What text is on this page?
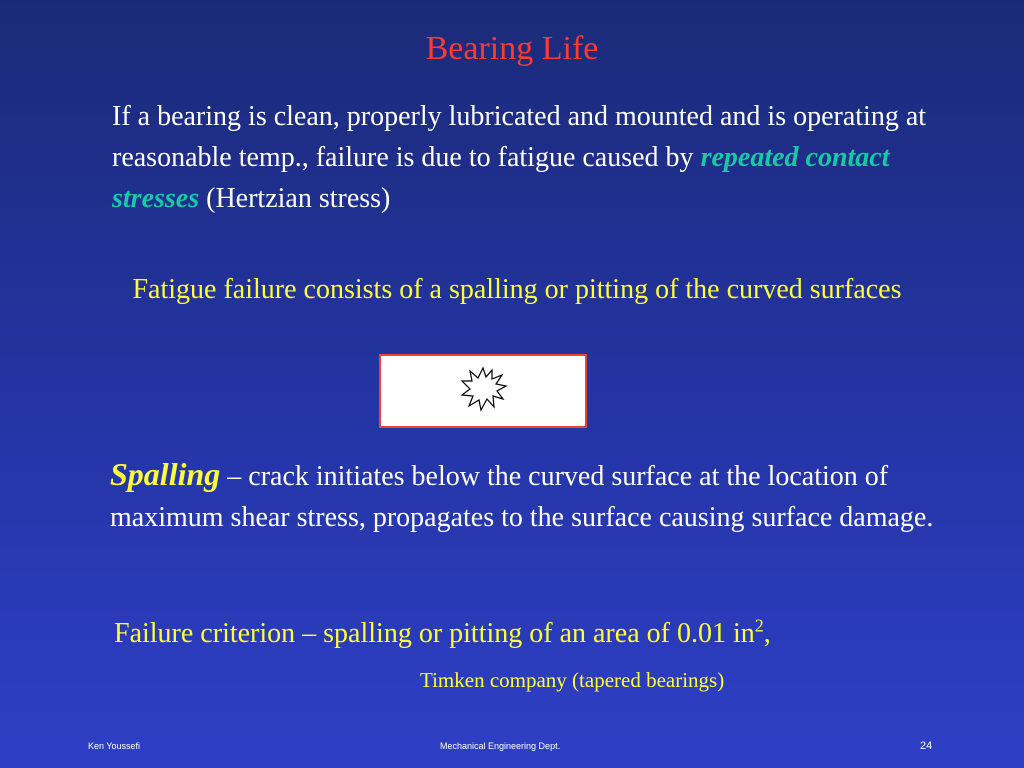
Bearing Life
If a bearing is clean, properly lubricated and mounted and is operating at reasonable temp., failure is due to fatigue caused by repeated contact stresses (Hertzian stress)
Fatigue failure consists of a spalling or pitting of the curved surfaces
Spalling – crack initiates below the curved surface at the location of maximum shear stress, propagates to the surface causing surface damage.
Failure criterion – spalling or pitting of an area of 0.01 $in^2$,
Timken company (tapered bearings)
Ken Youssefi	Mechanical Engineering Dept.	24
